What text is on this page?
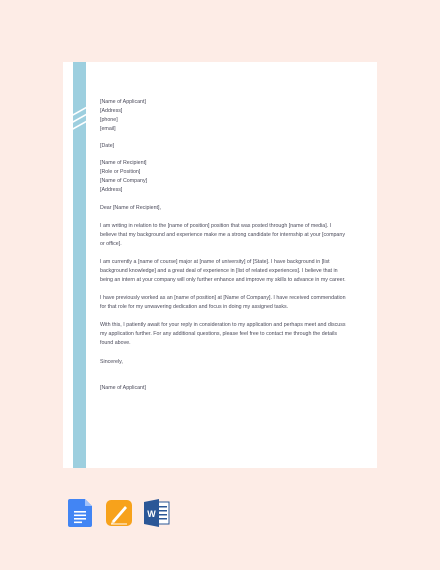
[Name of Applicant]

[Address]

[phone]

[email]

[Date]

[Name of Recipient]

[Role or Position]

[Name of Company]

[Address]

Dear [Name of Recipient],

I am writing in relation to the [name of position] position that was posted through [name of media]. I believe that my background and experience make me a strong candidate for internship at your [company or office].

I am currently a [name of course] major at [name of university] of [State]. I have background in [list background knowledge] and a great deal of experience in [list of related experiences]. I believe that in being an intern at your company will only further enhance and improve my skills to advance in my career.

I have previously worked as an [name of position] at [Name of Company]. I have received commendation for that role for my unwavering dedication and focus in doing my assigned tasks.

With this, I patiently await for your reply in consideration to my application and perhaps meet and discuss my application further. For any additional questions, please feel free to contact me through the details found above.

Sincerely,

[Name of Applicant]

W
